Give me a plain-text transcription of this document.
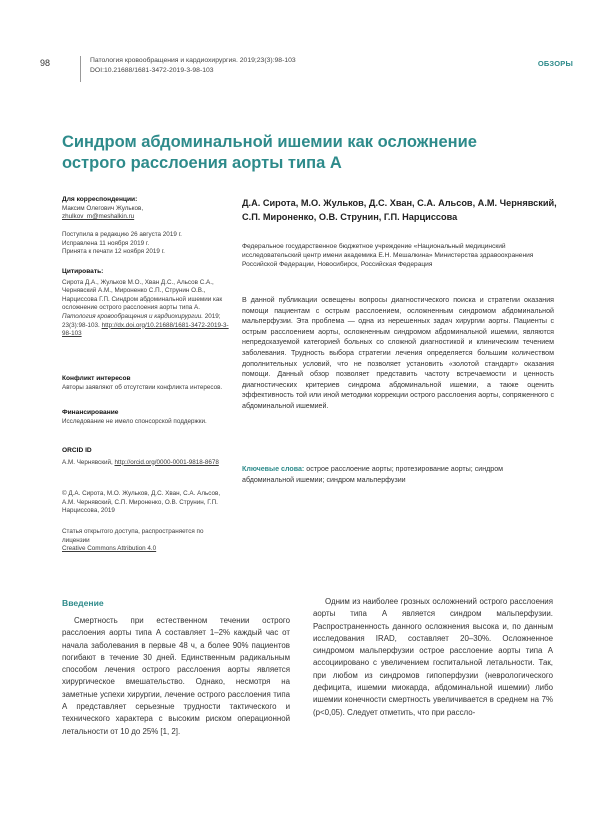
98	Патология кровообращения и кардиохирургия. 2019;23(3):98-103
DOI:10.21688/1681-3472-2019-3-98-103
ОБЗОРЫ
Синдром абдоминальной ишемии как осложнение острого расслоения аорты типа А
Для корреспонденции:
Максим Олегович Жульков,
zhulkov_m@meshalkin.ru
Поступила в редакцию 26 августа 2019 г.
Исправлена 11 ноября 2019 г.
Принята к печати 12 ноября 2019 г.
Цитировать:
Сирота Д.А., Жульков М.О., Хван Д.С., Альсов С.А., Чернявский А.М., Мироненко С.П., Струнин О.В., Нарциссова Г.П. Синдром абдоминальной ишемии как осложнение острого расслоения аорты типа А. Патология кровообращения и кардиохирургии. 2019; 23(3):98-103. http://dx.doi.org/10.21688/1681-3472-2019-3-98-103
Конфликт интересов
Авторы заявляют об отсутствии конфликта интересов.
Финансирование
Исследование не имело спонсорской поддержки.
ORCID ID
А.М. Чернявский, http://orcid.org/0000-0001-9818-8678
© Д.А. Сирота, М.О. Жульков, Д.С. Хван, С.А. Альсов, А.М. Чернявский, С.П. Мироненко, О.В. Струнин, Г.П. Нарциссова, 2019
Статья открытого доступа, распространяется по лицензии
Creative Commons Attribution 4.0
Д.А. Сирота, М.О. Жульков, Д.С. Хван, С.А. Альсов, А.М. Чернявский, С.П. Мироненко, О.В. Струнин, Г.П. Нарциссова
Федеральное государственное бюджетное учреждение «Национальный медицинский исследовательский центр имени академика Е.Н. Мешалкина» Министерства здравоохранения Российской Федерации, Новосибирск, Российская Федерация
В данной публикации освещены вопросы диагностического поиска и стратегии оказания помощи пациентам с острым расслоением, осложненным синдромом абдоминальной мальперфузии. Эта проблема — одна из нерешенных задач хирургии аорты. Пациенты с острым расслоением аорты, осложненным синдромом абдоминальной ишемии, являются непредсказуемой категорией больных со сложной диагностикой и клиническим течением заболевания. Трудность выбора стратегии лечения определяется большим количеством дополнительных условий, что не позволяет установить «золотой стандарт» оказания помощи. Данный обзор позволяет представить частоту встречаемости и ценность диагностических критериев синдрома абдоминальной ишемии, а также оценить эффективность той или иной методики коррекции острого расслоения аорты, сопряженного с абдоминальной ишемией.
Ключевые слова: острое расслоение аорты; протезирование аорты; синдром абдоминальной ишемии; синдром мальперфузии
Введение
Смертность при естественном течении острого расслоения аорты типа А составляет 1–2% каждый час от начала заболевания в первые 48 ч, а более 90% пациентов погибают в течение 30 дней. Единственным радикальным способом лечения острого расслоения аорты является хирургическое вмешательство. Однако, несмотря на заметные успехи хирургии, лечение острого расслоения типа А представляет серьезные трудности тактического и технического характера с высоким риском операционной летальности от 10 до 25% [1, 2].
Одним из наиболее грозных осложнений острого расслоения аорты типа А является синдром мальперфузии. Распространенность данного осложнения высока и, по данным исследования IRAD, составляет 20–30%. Осложненное синдромом мальперфузии острое расслоение аорты типа А ассоциировано с увеличением госпитальной летальности. Так, при любом из синдромов гипоперфузии (неврологического дефицита, ишемии миокарда, абдоминальной ишемии) либо ишемии конечности смертность увеличивается в среднем на 7% (p<0,05). Следует отметить, что при рассло-
